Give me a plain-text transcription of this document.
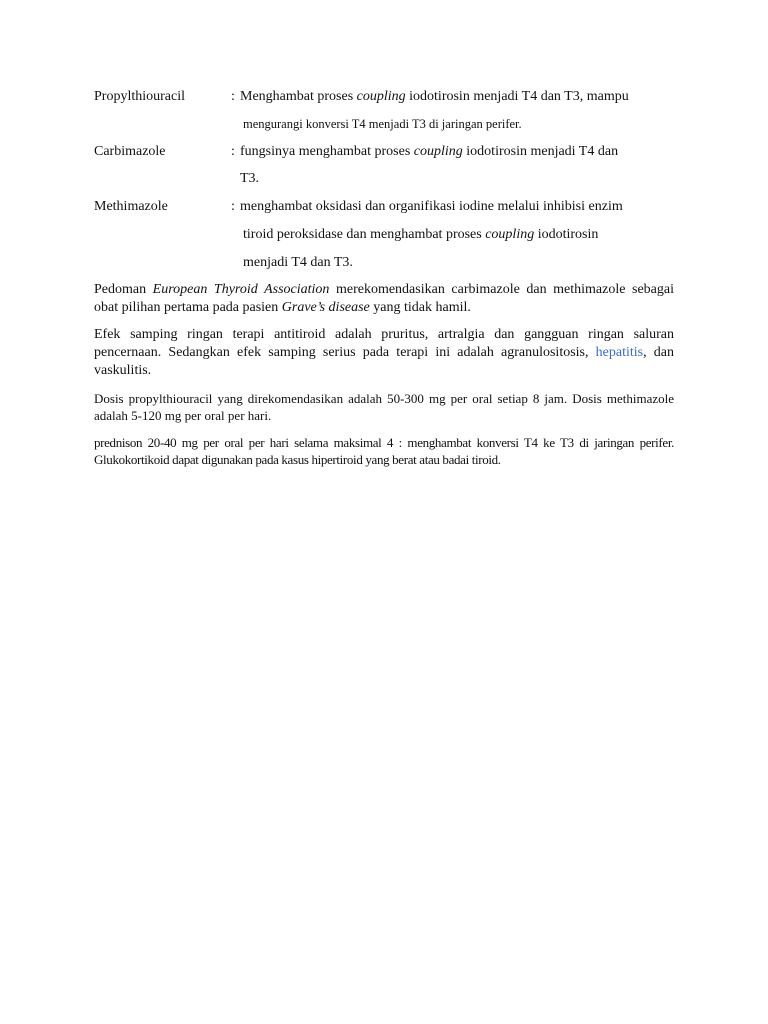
Propylthiouracil	: Menghambat proses coupling iodotirosin menjadi T4 dan T3, mampu
mengurangi konversi T4 menjadi T3 di jaringan perifer.
Carbimazole	: fungsinya menghambat proses coupling iodotirosin menjadi T4 dan
T3.
Methimazole	: menghambat oksidasi dan organifikasi iodine melalui inhibisi enzim
tiroid peroksidase dan menghambat proses coupling iodotirosin
menjadi T4 dan T3.

Pedoman European Thyroid Association merekomendasikan carbimazole dan methimazole sebagai obat pilihan pertama pada pasien Grave’s disease yang tidak hamil.

Efek samping ringan terapi antitiroid adalah pruritus, artralgia dan gangguan ringan saluran pencernaan. Sedangkan efek samping serius pada terapi ini adalah agranulositosis, hepatitis, dan vaskulitis.

Dosis propylthiouracil yang direkomendasikan adalah 50-300 mg per oral setiap 8 jam. Dosis methimazole adalah 5-120 mg per oral per hari.

prednison 20-40 mg per oral per hari selama maksimal 4 : menghambat konversi T4 ke T3 di jaringan perifer. Glukokortikoid dapat digunakan pada kasus hipertiroid yang berat atau badai tiroid.
